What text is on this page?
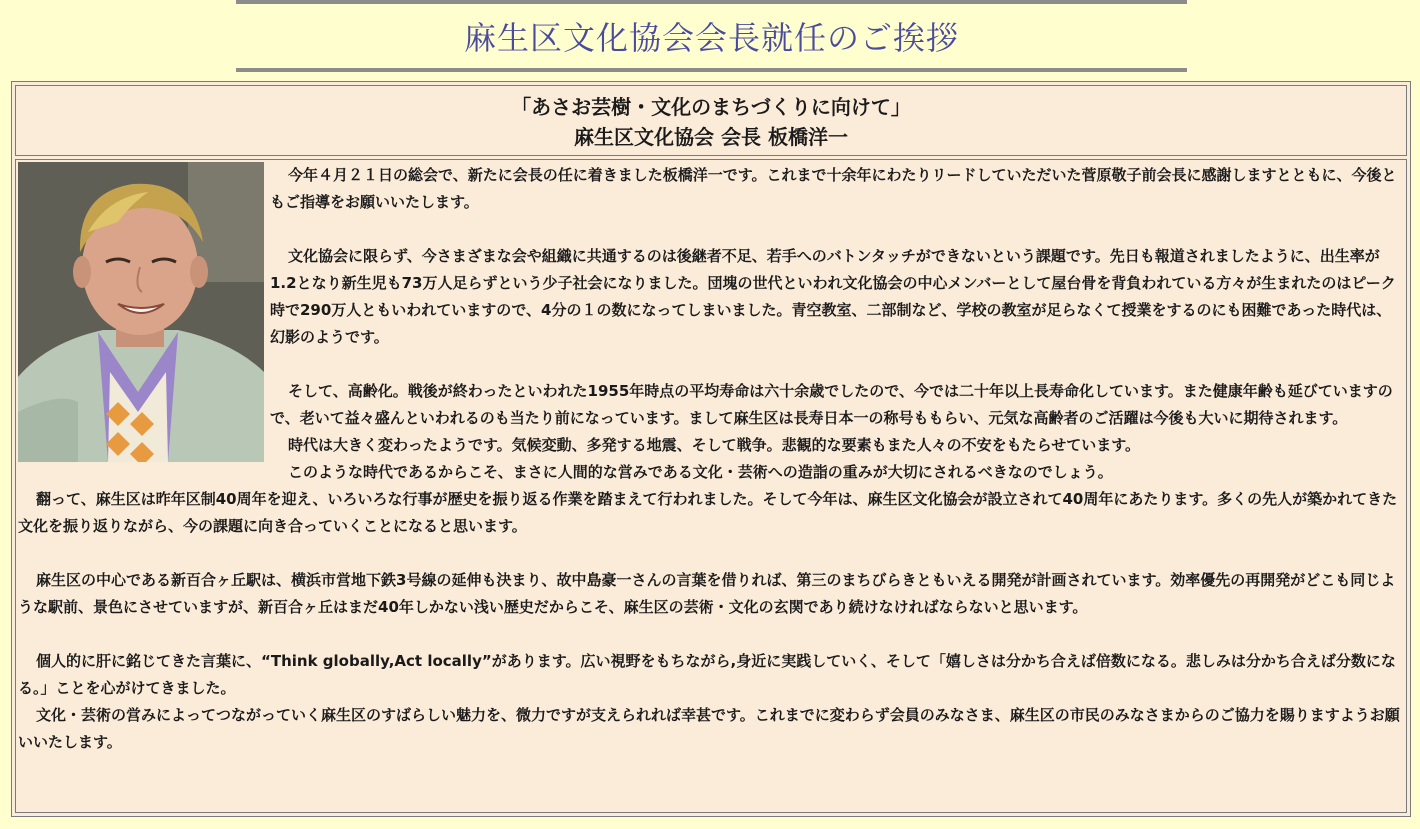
麻生区文化協会会長就任のご挨拶
「あさお芸樹・文化のまちづくりに向けて」
麻生区文化協会 会長 板橋洋一

今年４月２１日の総会で、新たに会長の任に着きました板橋洋一です。これまで十余年にわたりリードしていただいた菅原敬子前会長に感謝しますとともに、今後ともご指導をお願いいたします。

文化協会に限らず、今さまざまな会や組織に共通するのは後継者不足、若手へのバトンタッチができないという課題です。先日も報道されましたように、出生率が1.2となり新生児も73万人足らずという少子社会になりました。団塊の世代といわれ文化協会の中心メンバーとして屋台骨を背負われている方々が生まれたのはピーク時で290万人ともいわれていますので、4分の１の数になってしまいました。青空教室、二部制など、学校の教室が足らなくて授業をするのにも困難であった時代は、幻影のようです。

そして、高齢化。戦後が終わったといわれた1955年時点の平均寿命は六十余歳でしたので、今では二十年以上長寿命化しています。また健康年齢も延びていますので、老いて益々盛んといわれるのも当たり前になっています。まして麻生区は長寿日本一の称号ももらい、元気な高齢者のご活躍は今後も大いに期待されます。

時代は大きく変わったようです。気候変動、多発する地震、そして戦争。悲観的な要素もまた人々の不安をもたらせています。

このような時代であるからこそ、まさに人間的な営みである文化・芸術への造詣の重みが大切にされるべきなのでしょう。

翻って、麻生区は昨年区制40周年を迎え、いろいろな行事が歴史を振り返る作業を踏まえて行われました。そして今年は、麻生区文化協会が設立されて40周年にあたります。多くの先人が築かれてきた文化を振り返りながら、今の課題に向き合っていくことになると思います。

麻生区の中心である新百合ヶ丘駅は、横浜市営地下鉄3号線の延伸も決まり、故中島豪一さんの言葉を借りれば、第三のまちびらきともいえる開発が計画されています。効率優先の再開発がどこも同じような駅前、景色にさせていますが、新百合ヶ丘はまだ40年しかない浅い歴史だからこそ、麻生区の芸術・文化の玄関であり続けなければならないと思います。

個人的に肝に銘じてきた言葉に、“Think globally,Act locally”があります。広い視野をもちながら,身近に実践していく、そして「嬉しさは分かち合えば倍数になる。悲しみは分かち合えば分数になる。」ことを心がけてきました。

文化・芸術の営みによってつながっていく麻生区のすばらしい魅力を、微力ですが支えられれば幸甚です。これまでに変わらず会員のみなさま、麻生区の市民のみなさまからのご協力を賜りますようお願いいたします。
